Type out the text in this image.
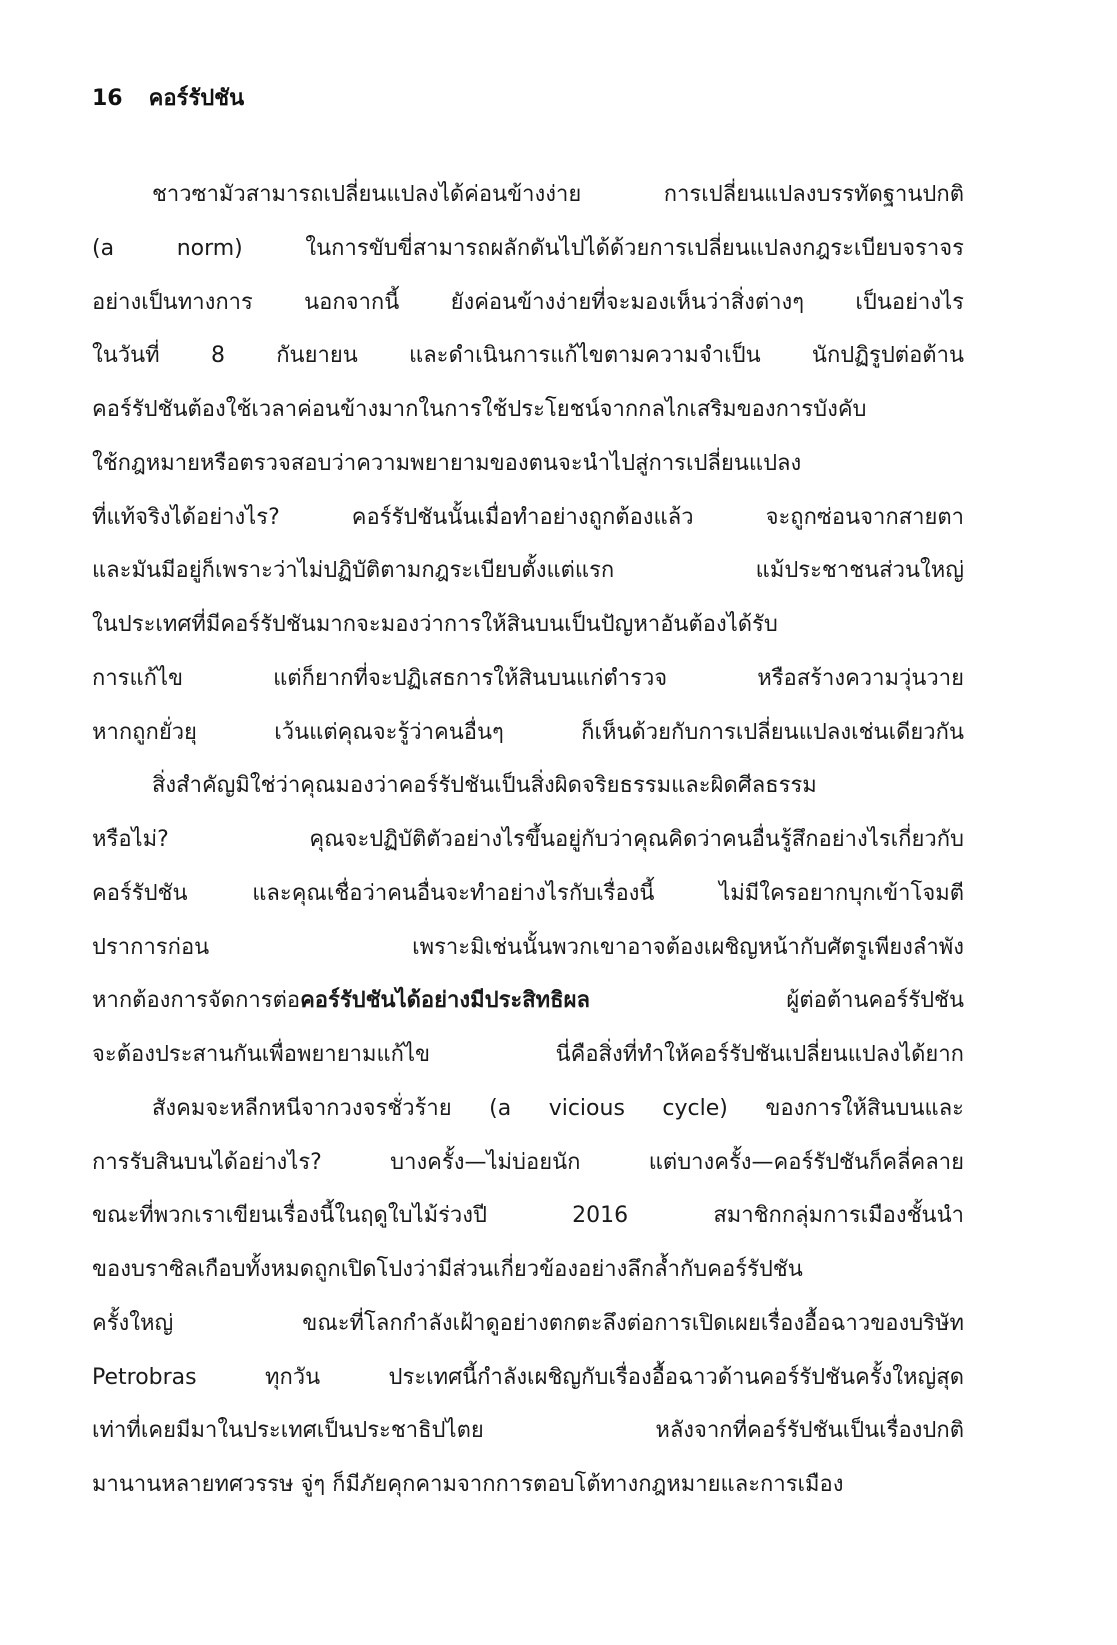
16 คอร์รัปชัน
ชาวซามัวสามารถเปลี่ยนแปลงได้ค่อนข้างง่าย การเปลี่ยนแปลงบรรทัดฐานปกติ
(a norm) ในการขับขี่สามารถผลักดันไปได้ด้วยการเปลี่ยนแปลงกฎระเบียบจราจร
อย่างเป็นทางการ นอกจากนี้ ยังค่อนข้างง่ายที่จะมองเห็นว่าสิ่งต่างๆ เป็นอย่างไร
ในวันที่ 8 กันยายน และดำเนินการแก้ไขตามความจำเป็น นักปฏิรูปต่อต้าน
คอร์รัปชันต้องใช้เวลาค่อนข้างมากในการใช้ประโยชน์จากกลไกเสริมของการบังคับ
ใช้กฎหมายหรือตรวจสอบว่าความพยายามของตนจะนำไปสู่การเปลี่ยนแปลง
ที่แท้จริงได้อย่างไร? คอร์รัปชันนั้นเมื่อทำอย่างถูกต้องแล้ว จะถูกซ่อนจากสายตา
และมันมีอยู่ก็เพราะว่าไม่ปฏิบัติตามกฎระเบียบตั้งแต่แรก แม้ประชาชนส่วนใหญ่
ในประเทศที่มีคอร์รัปชันมากจะมองว่าการให้สินบนเป็นปัญหาอันต้องได้รับ
การแก้ไข แต่ก็ยากที่จะปฏิเสธการให้สินบนแก่ตำรวจ หรือสร้างความวุ่นวาย
หากถูกยั่วยุ เว้นแต่คุณจะรู้ว่าคนอื่นๆ ก็เห็นด้วยกับการเปลี่ยนแปลงเช่นเดียวกัน
สิ่งสำคัญมิใช่ว่าคุณมองว่าคอร์รัปชันเป็นสิ่งผิดจริยธรรมและผิดศีลธรรม
หรือไม่? คุณจะปฏิบัติตัวอย่างไรขึ้นอยู่กับว่าคุณคิดว่าคนอื่นรู้สึกอย่างไรเกี่ยวกับ
คอร์รัปชัน และคุณเชื่อว่าคนอื่นจะทำอย่างไรกับเรื่องนี้ ไม่มีใครอยากบุกเข้าโจมตี
ปราการก่อน เพราะมิเช่นนั้นพวกเขาอาจต้องเผชิญหน้ากับศัตรูเพียงลำพัง
หากต้องการจัดการต่อคอร์รัปชันได้อย่างมีประสิทธิผล ผู้ต่อต้านคอร์รัปชัน
จะต้องประสานกันเพื่อพยายามแก้ไข นี่คือสิ่งที่ทำให้คอร์รัปชันเปลี่ยนแปลงได้ยาก
สังคมจะหลีกหนีจากวงจรชั่วร้าย (a vicious cycle) ของการให้สินบนและ
การรับสินบนได้อย่างไร? บางครั้ง—ไม่บ่อยนัก แต่บางครั้ง—คอร์รัปชันก็คลี่คลาย
ขณะที่พวกเราเขียนเรื่องนี้ในฤดูใบไม้ร่วงปี 2016 สมาชิกกลุ่มการเมืองชั้นนำ
ของบราซิลเกือบทั้งหมดถูกเปิดโปงว่ามีส่วนเกี่ยวข้องอย่างลึกล้ำกับคอร์รัปชัน
ครั้งใหญ่ ขณะที่โลกกำลังเฝ้าดูอย่างตกตะลึงต่อการเปิดเผยเรื่องอื้อฉาวของบริษัท
Petrobras ทุกวัน ประเทศนี้กำลังเผชิญกับเรื่องอื้อฉาวด้านคอร์รัปชันครั้งใหญ่สุด
เท่าที่เคยมีมาในประเทศเป็นประชาธิปไตย หลังจากที่คอร์รัปชันเป็นเรื่องปกติ
มานานหลายทศวรรษ จู่ๆ ก็มีภัยคุกคามจากการตอบโต้ทางกฎหมายและการเมือง
